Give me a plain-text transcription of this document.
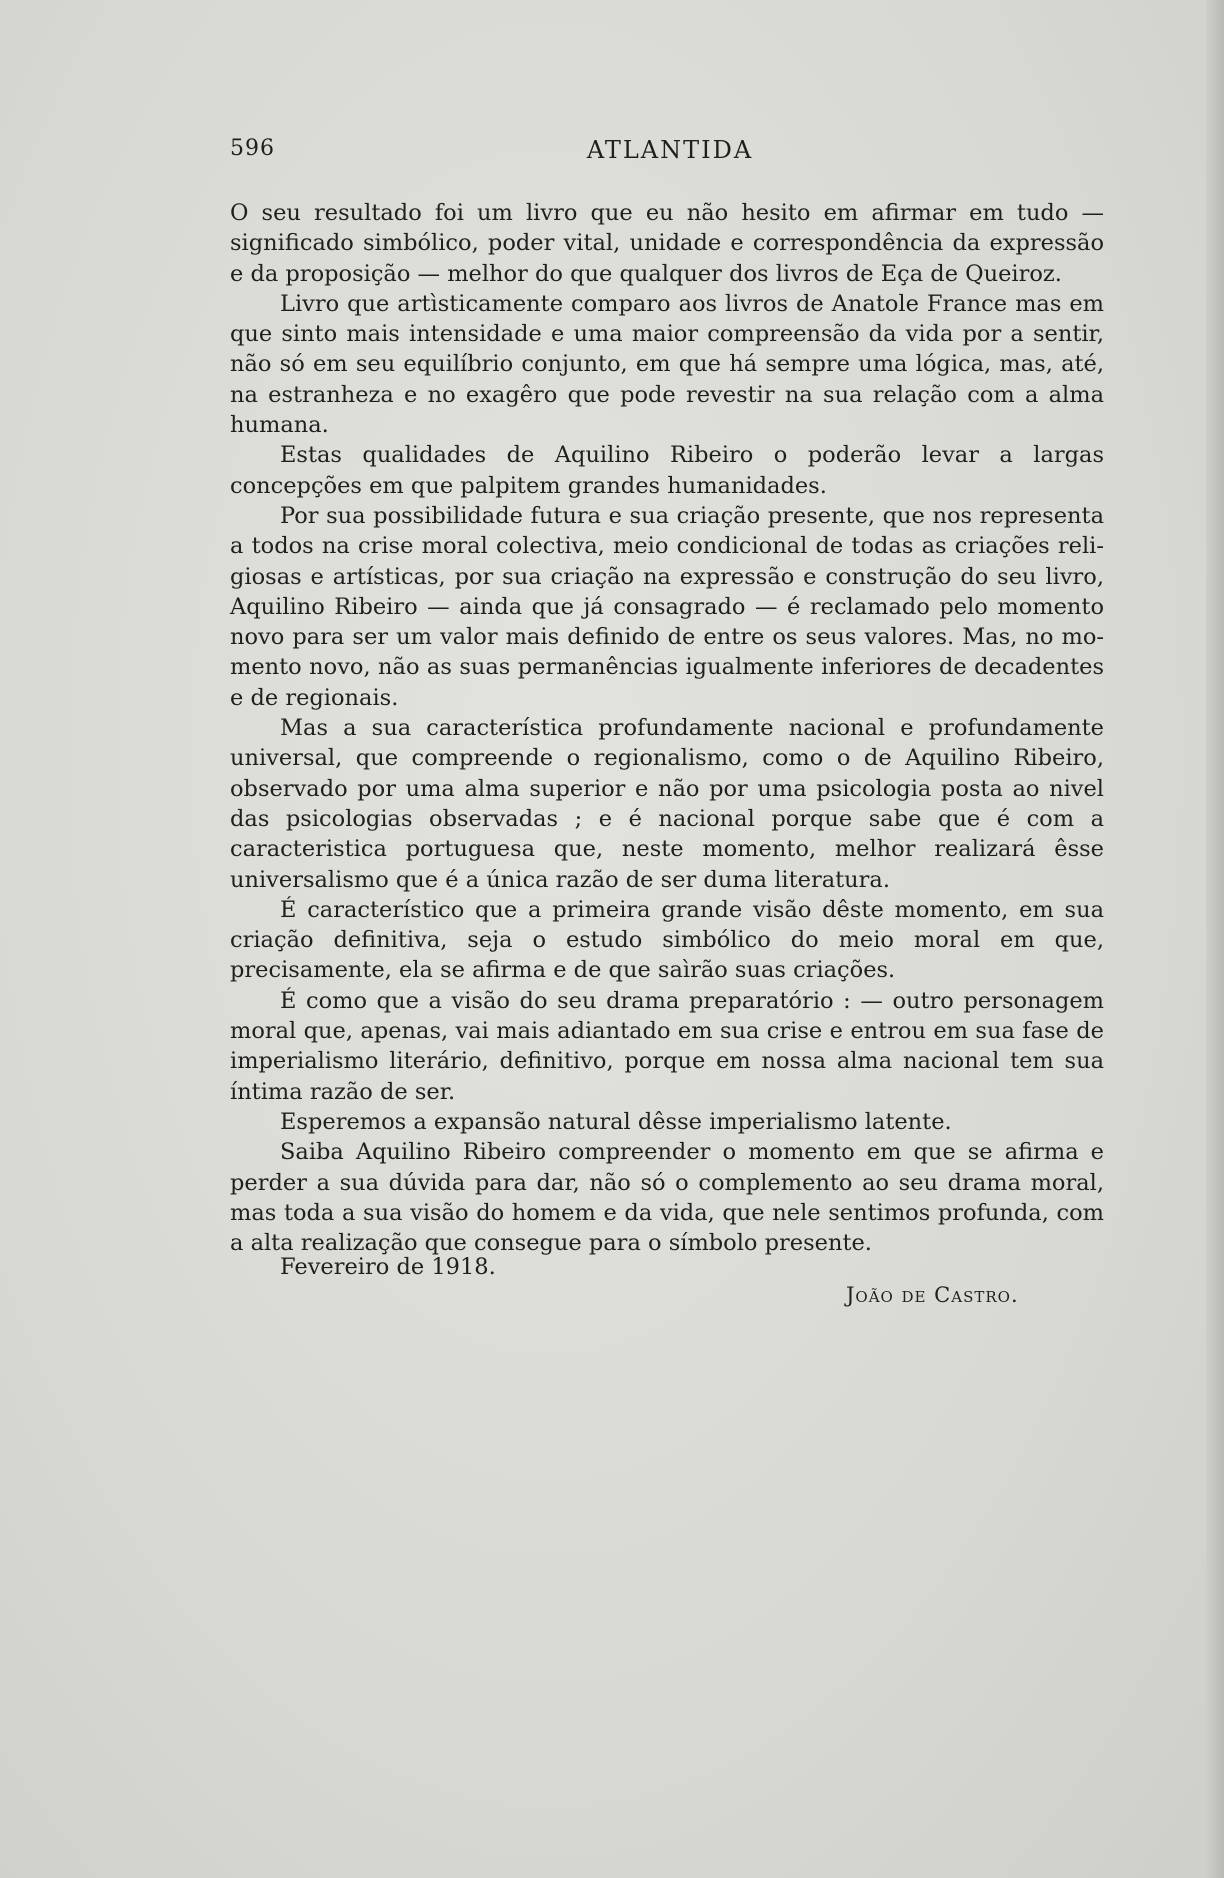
596	ATLANTIDA

O seu resultado foi um livro que eu não hesito em afirmar em tudo — significado simbólico, poder vital, unidade e correspondência da expressão e da proposição — melhor do que qualquer dos livros de Eça de Queiroz.

Livro que artìsticamente comparo aos livros de Anatole France mas em que sinto mais intensidade e uma maior compreensão da vida por a sentir, não só em seu equilíbrio conjunto, em que há sempre uma lógica, mas, até, na estranheza e no exagêro que pode revestir na sua relação com a alma humana.

Estas qualidades de Aquilino Ribeiro o poderão levar a largas concepções em que palpitem grandes humanidades.

Por sua possibilidade futura e sua criação presente, que nos representa a todos na crise moral colectiva, meio condicional de todas as criações religiosas e artísticas, por sua criação na expressão e construção do seu livro, Aquilino Ribeiro — ainda que já consagrado — é reclamado pelo momento novo para ser um valor mais definido de entre os seus valores. Mas, no momento novo, não as suas permanências igualmente inferiores de decadentes e de regionais.

Mas a sua característica profundamente nacional e profundamente universal, que compreende o regionalismo, como o de Aquilino Ribeiro, observado por uma alma superior e não por uma psicologia posta ao nivel das psicologias observadas ; e é nacional porque sabe que é com a caracteristica portuguesa que, neste momento, melhor realizará êsse universalismo que é a única razão de ser duma literatura.

É característico que a primeira grande visão dêste momento, em sua criação definitiva, seja o estudo simbólico do meio moral em que, precisamente, ela se afirma e de que saìrão suas criações.

É como que a visão do seu drama preparatório : — outro personagem moral que, apenas, vai mais adiantado em sua crise e entrou em sua fase de imperialismo literário, definitivo, porque em nossa alma nacional tem sua íntima razão de ser.

Esperemos a expansão natural dêsse imperialismo latente.

Saiba Aquilino Ribeiro compreender o momento em que se afirma e perder a sua dúvida para dar, não só o complemento ao seu drama moral, mas toda a sua visão do homem e da vida, que nele sentimos profunda, com a alta realização que consegue para o símbolo presente.

Fevereiro de 1918.
João de Castro.
